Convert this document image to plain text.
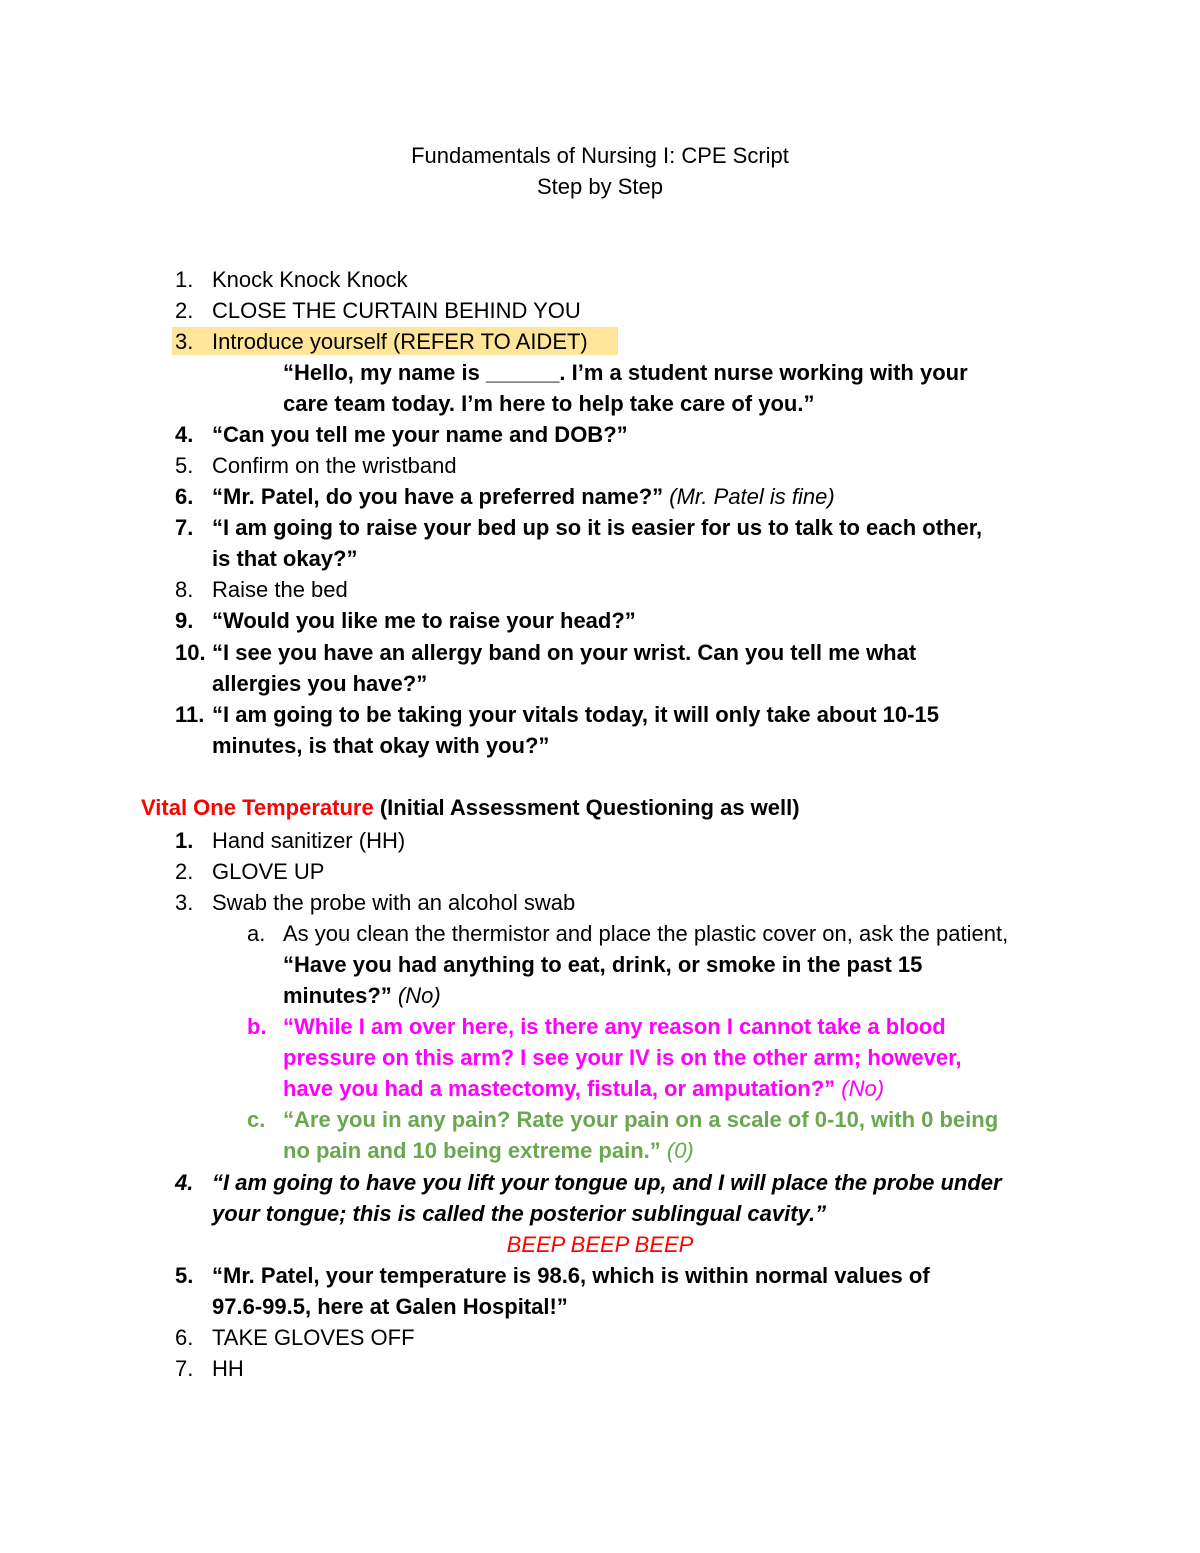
Fundamentals of Nursing I: CPE Script
Step by Step
1. Knock Knock Knock
2. CLOSE THE CURTAIN BEHIND YOU
3. Introduce yourself (REFER TO AIDET)
“Hello, my name is ______. I’m a student nurse working with your
care team today. I’m here to help take care of you.”
4. “Can you tell me your name and DOB?”
5. Confirm on the wristband
6. “Mr. Patel, do you have a preferred name?” (Mr. Patel is fine)
7. “I am going to raise your bed up so it is easier for us to talk to each other,
is that okay?”
8. Raise the bed
9. “Would you like me to raise your head?”
10. “I see you have an allergy band on your wrist. Can you tell me what
allergies you have?”
11. “I am going to be taking your vitals today, it will only take about 10-15
minutes, is that okay with you?”
Vital One Temperature (Initial Assessment Questioning as well)
1. Hand sanitizer (HH)
2. GLOVE UP
3. Swab the probe with an alcohol swab
a. As you clean the thermistor and place the plastic cover on, ask the patient,
“Have you had anything to eat, drink, or smoke in the past 15
minutes?” (No)
b. “While I am over here, is there any reason I cannot take a blood
pressure on this arm? I see your IV is on the other arm; however,
have you had a mastectomy, fistula, or amputation?” (No)
c. “Are you in any pain? Rate your pain on a scale of 0-10, with 0 being
no pain and 10 being extreme pain.” (0)
4. “I am going to have you lift your tongue up, and I will place the probe under
your tongue; this is called the posterior sublingual cavity.”
BEEP BEEP BEEP
5. “Mr. Patel, your temperature is 98.6, which is within normal values of
97.6-99.5, here at Galen Hospital!”
6. TAKE GLOVES OFF
7. HH
